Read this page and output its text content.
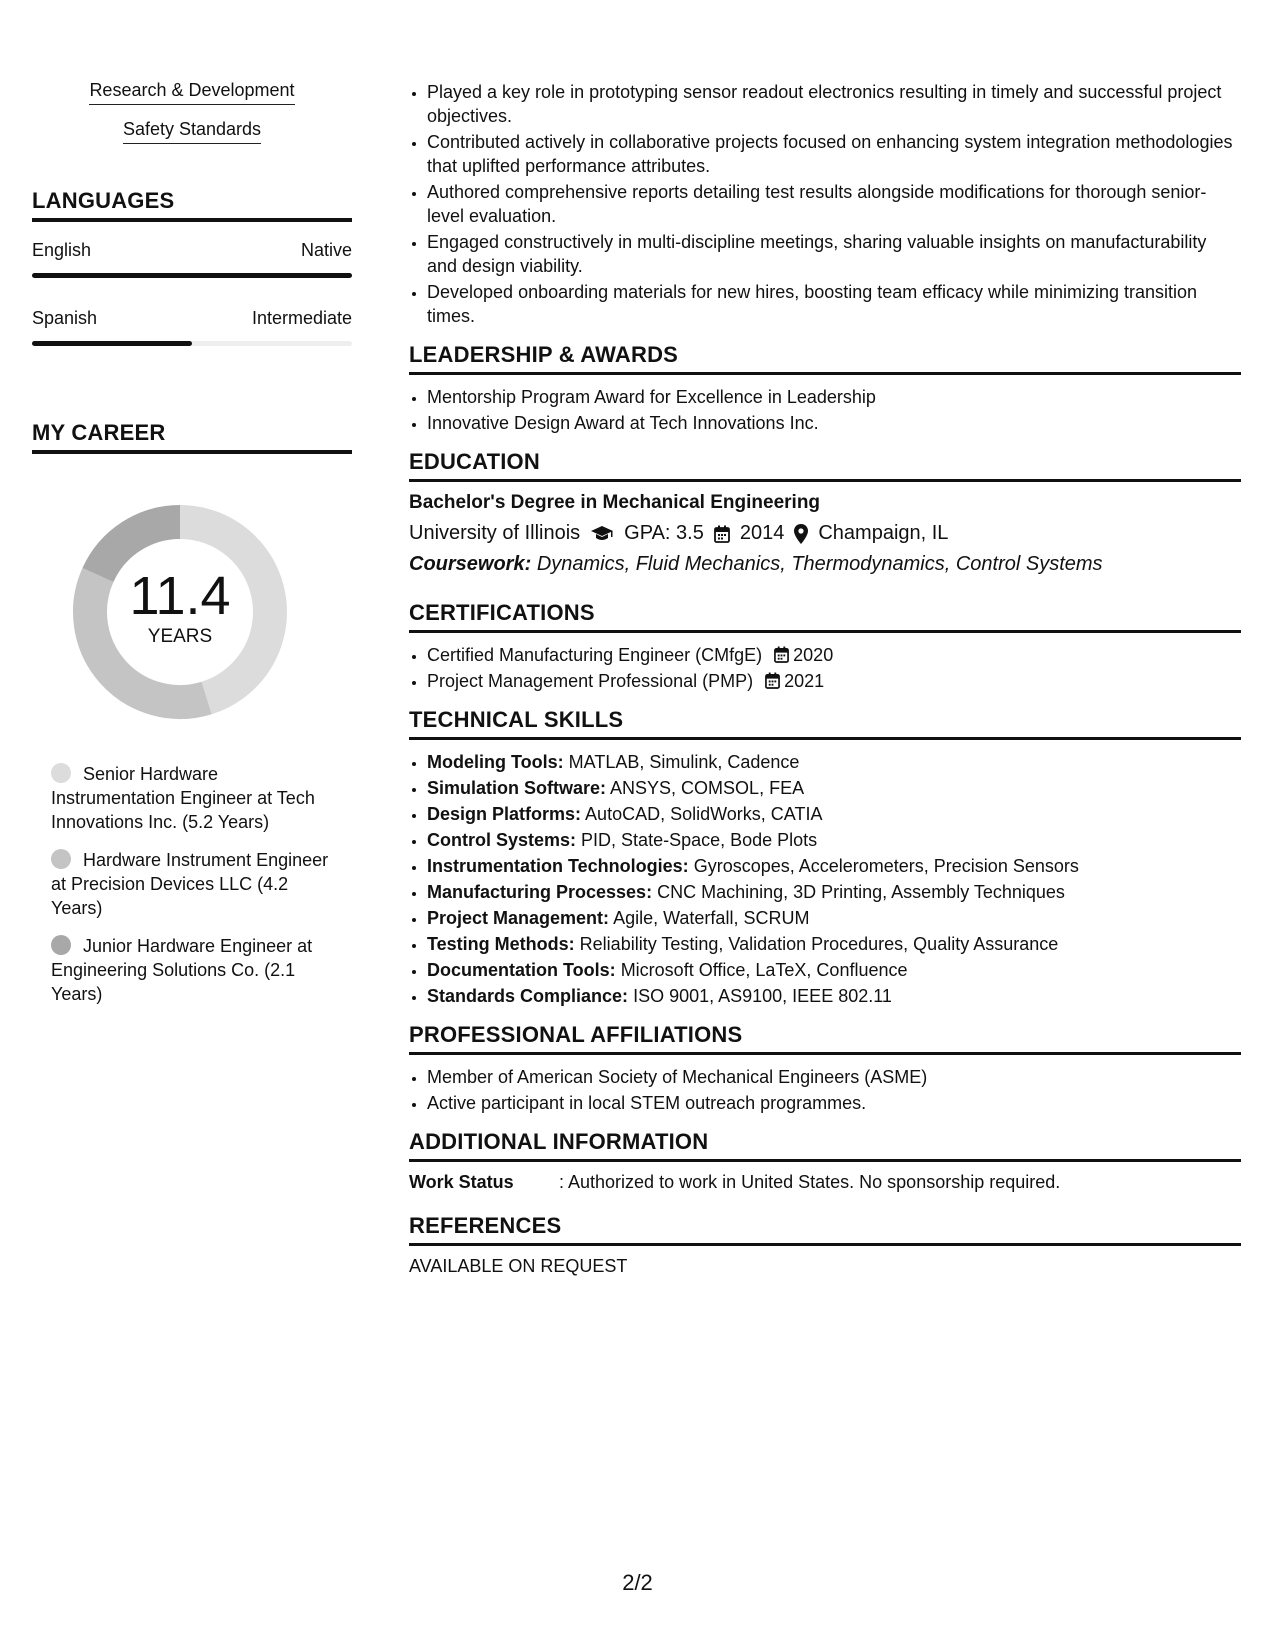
Research & Development
Safety Standards
LANGUAGES
English	Native
Spanish	Intermediate
MY CAREER
11.4
YEARS
Senior Hardware Instrumentation Engineer at Tech Innovations Inc. (5.2 Years)
Hardware Instrument Engineer at Precision Devices LLC (4.2 Years)
Junior Hardware Engineer at Engineering Solutions Co. (2.1 Years)
• Played a key role in prototyping sensor readout electronics resulting in timely and successful project objectives.
• Contributed actively in collaborative projects focused on enhancing system integration methodologies that uplifted performance attributes.
• Authored comprehensive reports detailing test results alongside modifications for thorough senior-level evaluation.
• Engaged constructively in multi-discipline meetings, sharing valuable insights on manufacturability and design viability.
• Developed onboarding materials for new hires, boosting team efficacy while minimizing transition times.
LEADERSHIP & AWARDS
• Mentorship Program Award for Excellence in Leadership
• Innovative Design Award at Tech Innovations Inc.
EDUCATION
Bachelor's Degree in Mechanical Engineering
University of Illinois GPA: 3.5 2014 Champaign, IL
Coursework: Dynamics, Fluid Mechanics, Thermodynamics, Control Systems
CERTIFICATIONS
• Certified Manufacturing Engineer (CMfgE) 2020
• Project Management Professional (PMP) 2021
TECHNICAL SKILLS
• Modeling Tools: MATLAB, Simulink, Cadence
• Simulation Software: ANSYS, COMSOL, FEA
• Design Platforms: AutoCAD, SolidWorks, CATIA
• Control Systems: PID, State-Space, Bode Plots
• Instrumentation Technologies: Gyroscopes, Accelerometers, Precision Sensors
• Manufacturing Processes: CNC Machining, 3D Printing, Assembly Techniques
• Project Management: Agile, Waterfall, SCRUM
• Testing Methods: Reliability Testing, Validation Procedures, Quality Assurance
• Documentation Tools: Microsoft Office, LaTeX, Confluence
• Standards Compliance: ISO 9001, AS9100, IEEE 802.11
PROFESSIONAL AFFILIATIONS
• Member of American Society of Mechanical Engineers (ASME)
• Active participant in local STEM outreach programmes.
ADDITIONAL INFORMATION
Work Status	: Authorized to work in United States. No sponsorship required.
REFERENCES
AVAILABLE ON REQUEST
2/2
